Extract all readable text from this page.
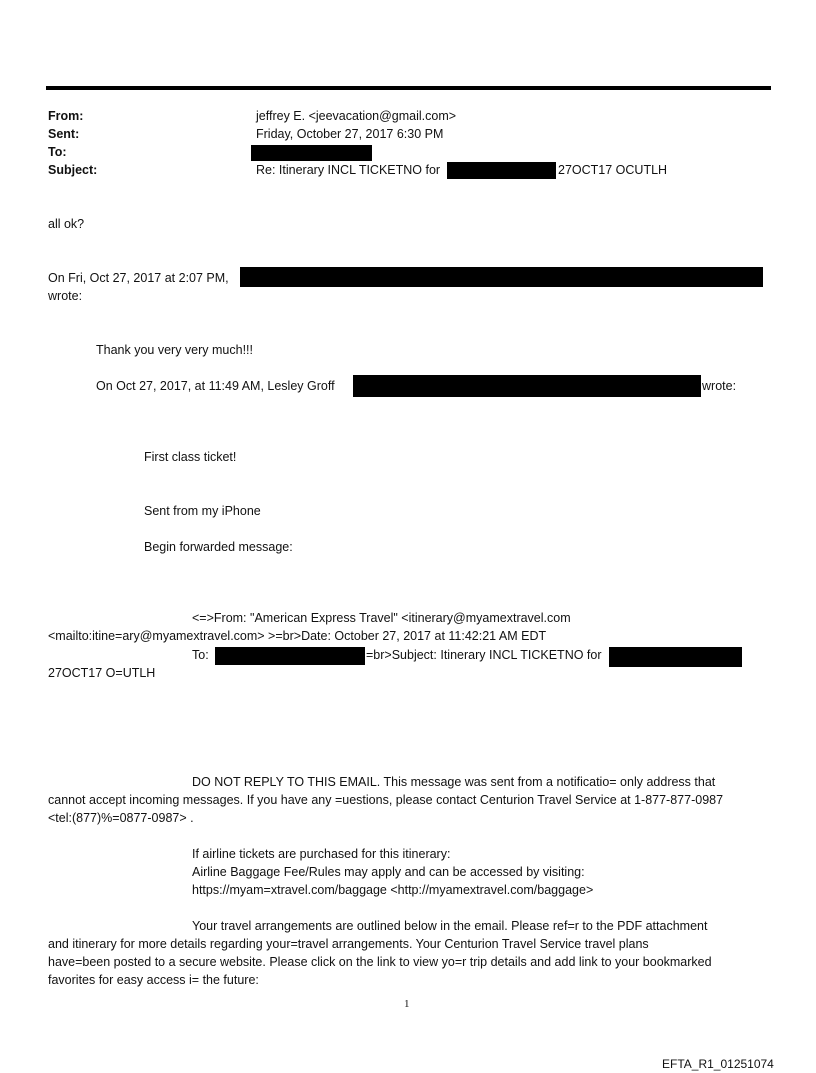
From:	jeffrey E. <jeevacation@gmail.com>
Sent:	Friday, October 27, 2017 6:30 PM
To:
Subject:	Re: Itinerary INCL TICKETNO for	27OCT17 OCUTLH
all ok?
On Fri, Oct 27, 2017 at 2:07 PM,
wrote:
Thank you very very much!!!
On Oct 27, 2017, at 11:49 AM, Lesley Groff	wrote:
First class ticket!
Sent from my iPhone
Begin forwarded message:
<=>From: "American Express Travel" <itinerary@myamextravel.com
<mailto:itine=ary@myamextravel.com> >=br>Date: October 27, 2017 at 11:42:21 AM EDT
To:	=br>Subject: Itinerary INCL TICKETNO for
27OCT17 O=UTLH
DO NOT REPLY TO THIS EMAIL. This message was sent from a notificatio= only address that
cannot accept incoming messages. If you have any =uestions, please contact Centurion Travel Service at 1-877-877-0987
<tel:(877)%=0877-0987> .
If airline tickets are purchased for this itinerary:
Airline Baggage Fee/Rules may apply and can be accessed by visiting:
https://myam=xtravel.com/baggage <http://myamextravel.com/baggage>
Your travel arrangements are outlined below in the email. Please ref=r to the PDF attachment
and itinerary for more details regarding your=travel arrangements. Your Centurion Travel Service travel plans
have=been posted to a secure website. Please click on the link to view yo=r trip details and add link to your bookmarked
favorites for easy access i= the future:
1
EFTA_R1_01251074
